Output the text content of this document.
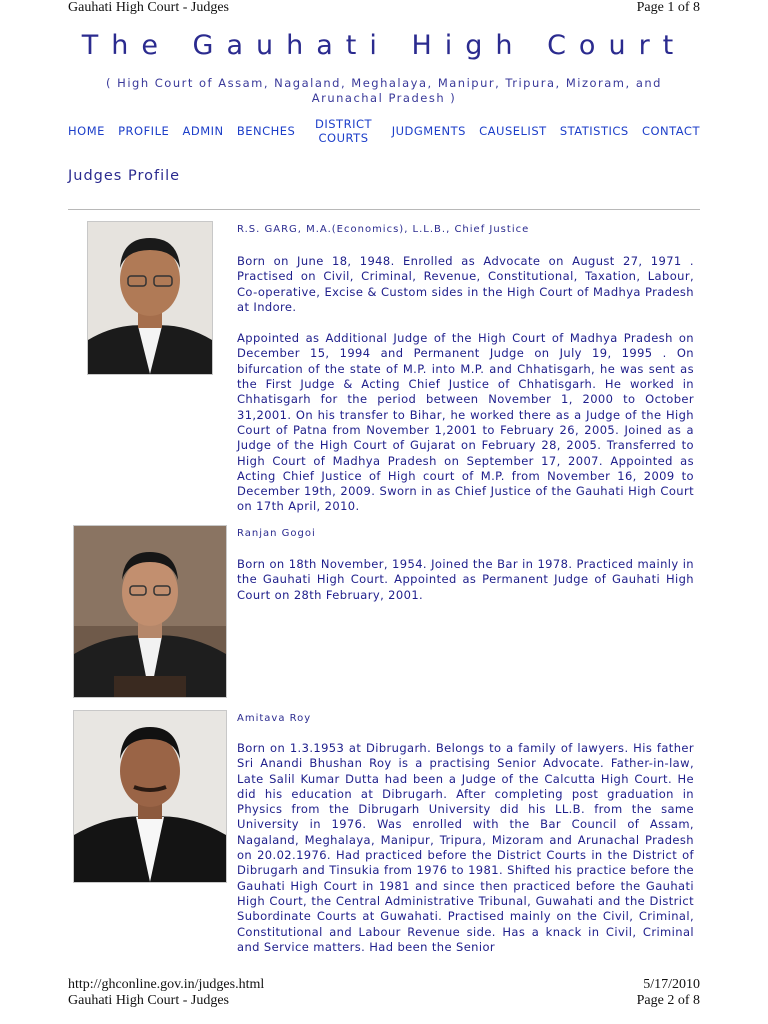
Gauhati High Court - Judges	Page 1 of 8
The Gauhati High Court
( High Court of Assam, Nagaland, Meghalaya, Manipur, Tripura, Mizoram, and Arunachal Pradesh )
HOME PROFILE ADMIN BENCHES	DISTRICT COURTS	JUDGMENTS CAUSELIST STATISTICS CONTACT
Judges Profile
R.S. GARG, M.A.(Economics), L.L.B., Chief Justice

Born on June 18, 1948. Enrolled as Advocate on August 27, 1971 . Practised on Civil, Criminal, Revenue, Constitutional, Taxation, Labour, Co-operative, Excise & Custom sides in the High Court of Madhya Pradesh at Indore.

Appointed as Additional Judge of the High Court of Madhya Pradesh on December 15, 1994 and Permanent Judge on July 19, 1995 . On bifurcation of the state of M.P. into M.P. and Chhatisgarh, he was sent as the First Judge & Acting Chief Justice of Chhatisgarh. He worked in Chhatisgarh for the period between November 1, 2000 to October 31,2001. On his transfer to Bihar, he worked there as a Judge of the High Court of Patna from November 1,2001 to February 26, 2005. Joined as a Judge of the High Court of Gujarat on February 28, 2005. Transferred to High Court of Madhya Pradesh on September 17, 2007. Appointed as Acting Chief Justice of High court of M.P. from November 16, 2009 to December 19th, 2009. Sworn in as Chief Justice of the Gauhati High Court on 17th April, 2010.

Ranjan Gogoi

Born on 18th November, 1954. Joined the Bar in 1978. Practiced mainly in the Gauhati High Court. Appointed as Permanent Judge of Gauhati High Court on 28th February, 2001.

Amitava Roy

Born on 1.3.1953 at Dibrugarh. Belongs to a family of lawyers. His father Sri Anandi Bhushan Roy is a practising Senior Advocate. Father-in-law, Late Salil Kumar Dutta had been a Judge of the Calcutta High Court. He did his education at Dibrugarh. After completing post graduation in Physics from the Dibrugarh University did his LL.B. from the same University in 1976. Was enrolled with the Bar Council of Assam, Nagaland, Meghalaya, Manipur, Tripura, Mizoram and Arunachal Pradesh on 20.02.1976. Had practiced before the District Courts in the District of Dibrugarh and Tinsukia from 1976 to 1981. Shifted his practice before the Gauhati High Court in 1981 and since then practiced before the Gauhati High Court, the Central Administrative Tribunal, Guwahati and the District Subordinate Courts at Guwahati. Practised mainly on the Civil, Criminal, Constitutional and Labour Revenue side. Has a knack in Civil, Criminal and Service matters. Had been the Senior

http://ghconline.gov.in/judges.html
Gauhati High Court - Judges
5/17/2010
Page 2 of 8
